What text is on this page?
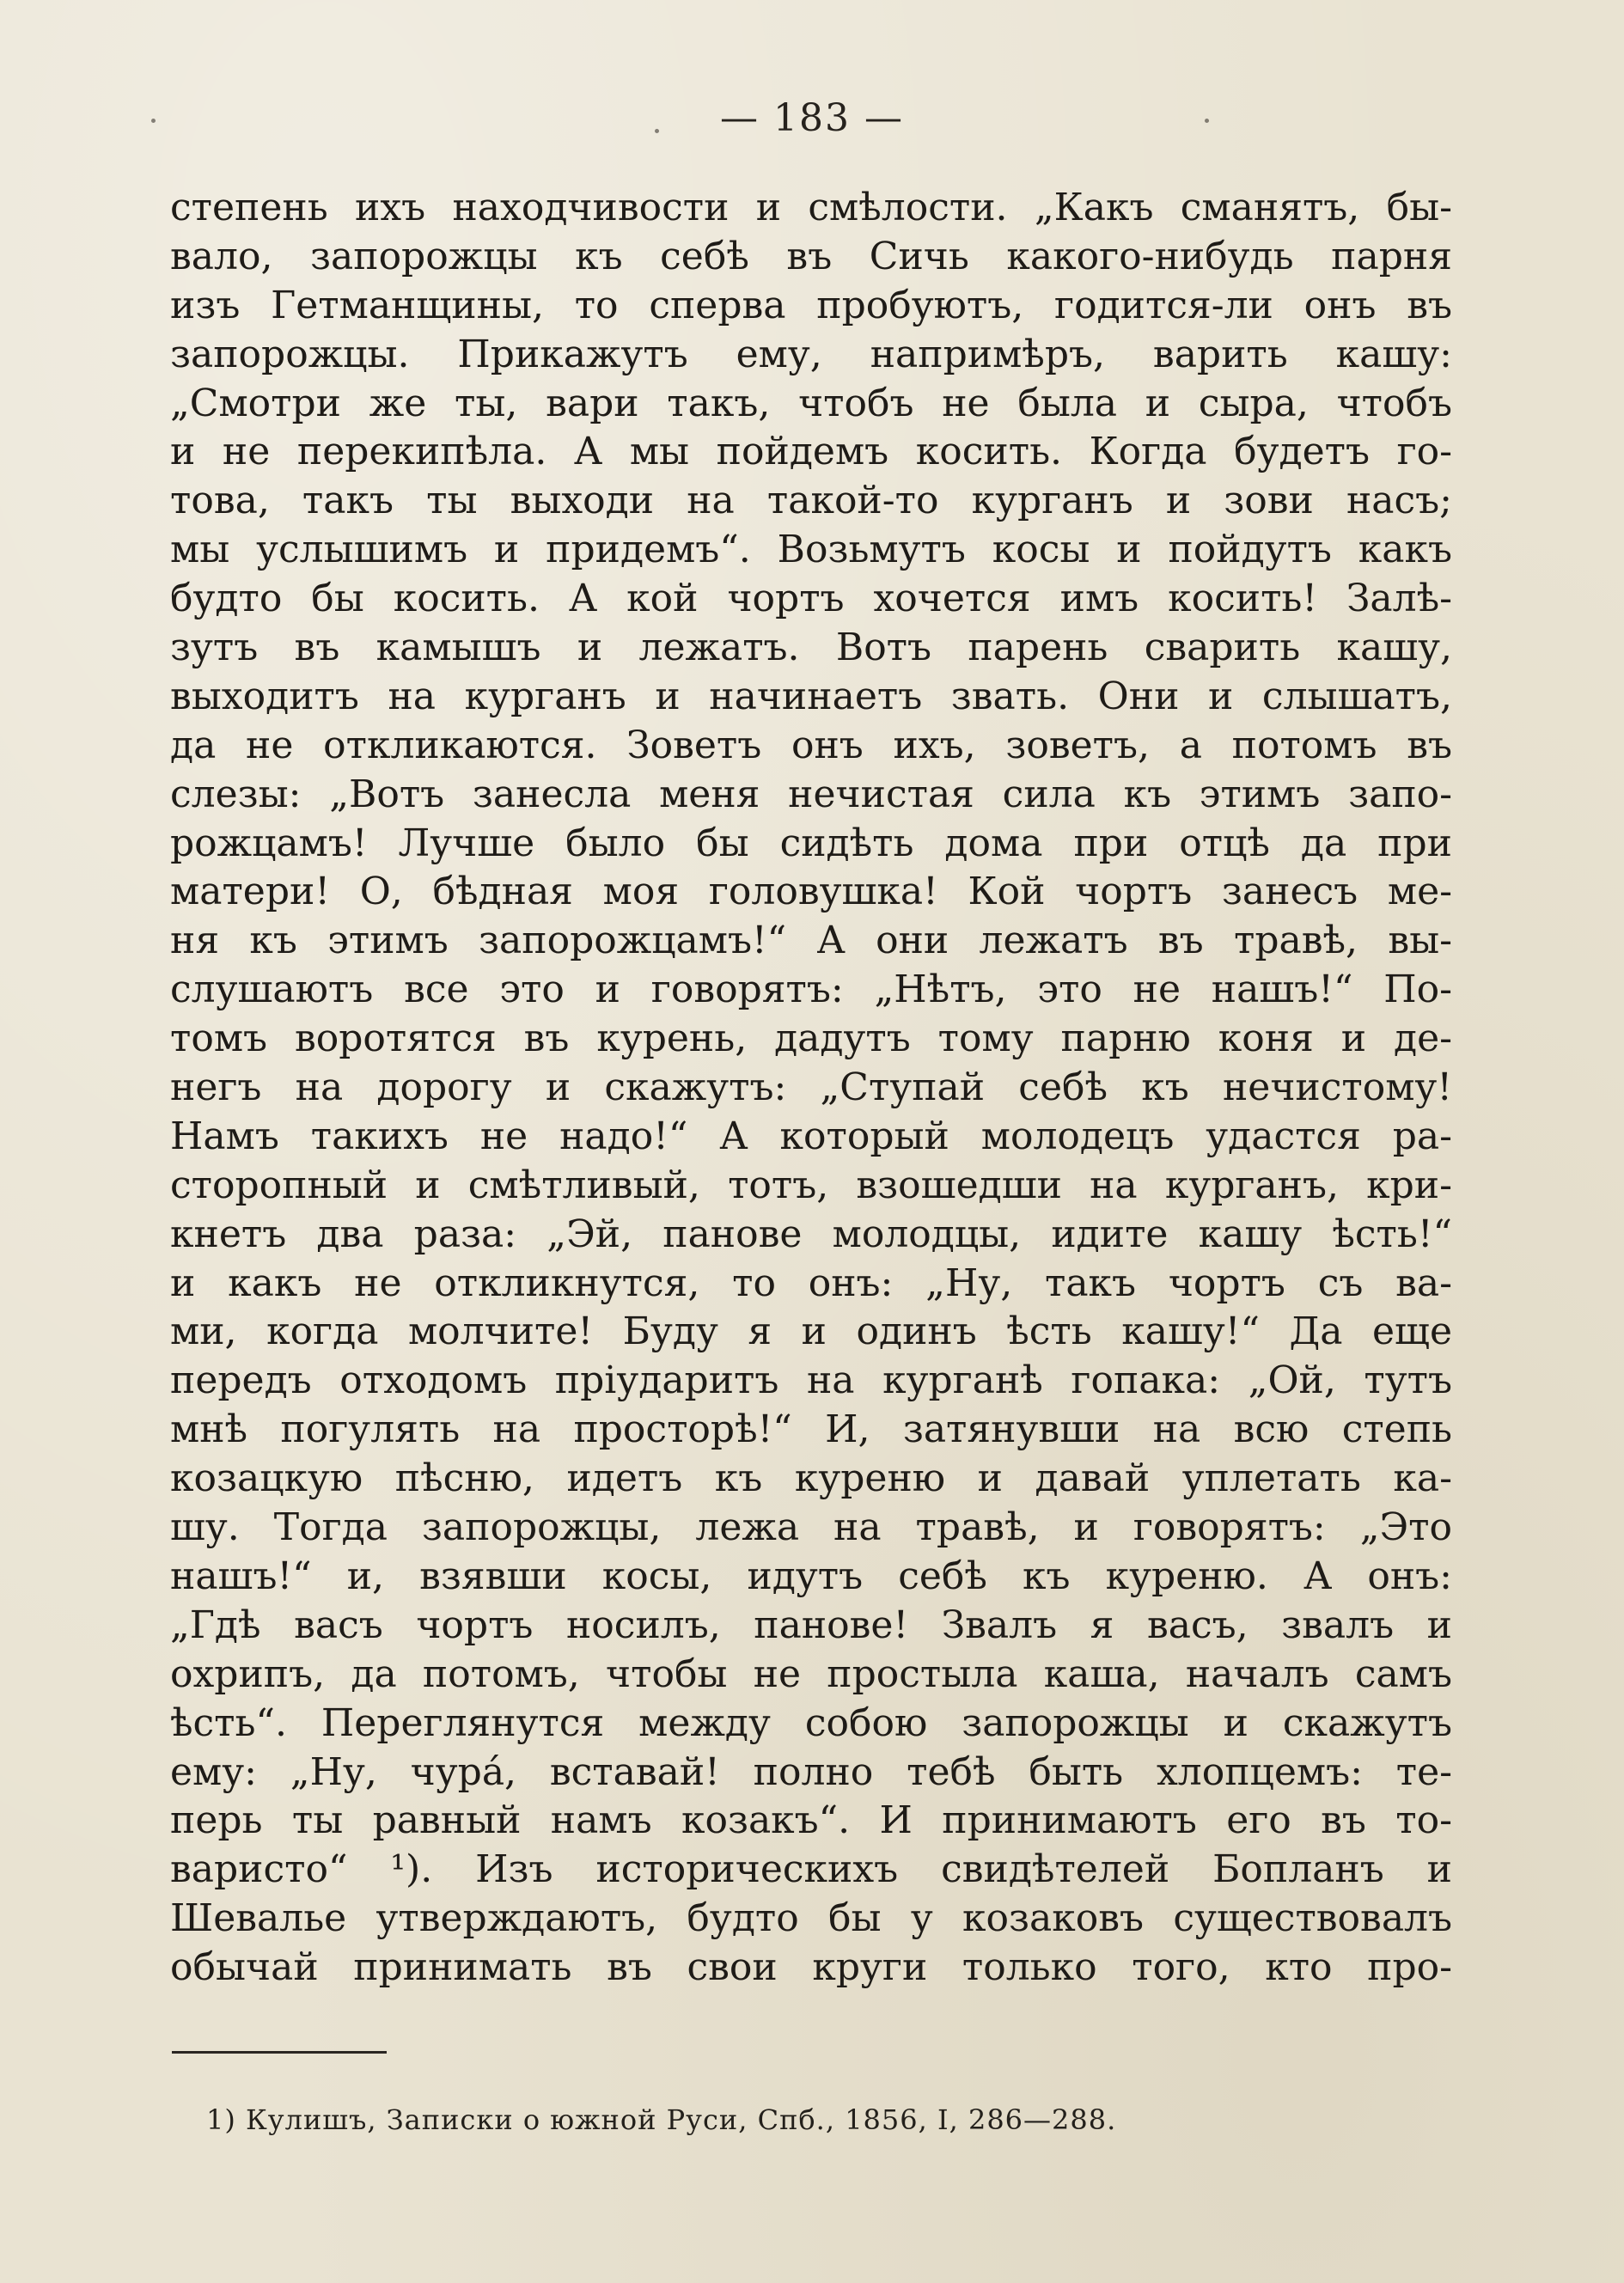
— 183 —
степень ихъ находчивости и смѣлости. „Какъ сманятъ, бы-
вало, запорожцы къ себѣ въ Сичь какого-нибудь парня
изъ Гетманщины, то сперва пробуютъ, годится-ли онъ въ
запорожцы. Прикажутъ ему, напримѣръ, варить кашу:
„Смотри же ты, вари такъ, чтобъ не была и сыра, чтобъ
и не перекипѣла. А мы пойдемъ косить. Когда будетъ го-
това, такъ ты выходи на такой-то курганъ и зови насъ;
мы услышимъ и придемъ“. Возьмутъ косы и пойдутъ какъ
будто бы косить. А кой чортъ хочется имъ косить! Залѣ-
зутъ въ камышъ и лежатъ. Вотъ парень сварить кашу,
выходитъ на курганъ и начинаетъ звать. Они и слышатъ,
да не откликаются. Зоветъ онъ ихъ, зоветъ, а потомъ въ
слезы: „Вотъ занесла меня нечистая сила къ этимъ запо-
рожцамъ! Лучше было бы сидѣть дома при отцѣ да при
матери! О, бѣдная моя головушка! Кой чортъ занесъ ме-
ня къ этимъ запорожцамъ!“ А они лежатъ въ травѣ, вы-
слушаютъ все это и говорятъ: „Нѣтъ, это не нашъ!“ По-
томъ воротятся въ курень, дадутъ тому парню коня и де-
негъ на дорогу и скажутъ: „Ступай себѣ къ нечистому!
Намъ такихъ не надо!“ А который молодецъ удастся ра-
сторопный и смѣтливый, тотъ, взошедши на курганъ, кри-
кнетъ два раза: „Эй, панове молодцы, идите кашу ѣсть!“
и какъ не откликнутся, то онъ: „Ну, такъ чортъ съ ва-
ми, когда молчите! Буду я и одинъ ѣсть кашу!“ Да еще
передъ отходомъ пріударитъ на курганѣ гопака: „Ой, тутъ
мнѣ погулять на просторѣ!“ И, затянувши на всю степь
козацкую пѣсню, идетъ къ куреню и давай уплетать ка-
шу. Тогда запорожцы, лежа на травѣ, и говорятъ: „Это
нашъ!“ и, взявши косы, идутъ себѣ къ куреню. А онъ:
„Гдѣ васъ чортъ носилъ, панове! Звалъ я васъ, звалъ и
охрипъ, да потомъ, чтобы не простыла каша, началъ самъ
ѣсть“. Переглянутся между собою запорожцы и скажутъ
ему: „Ну, чура́, вставай! полно тебѣ быть хлопцемъ: те-
перь ты равный намъ козакъ“. И принимаютъ его въ то-
варисто“ ¹). Изъ историческихъ свидѣтелей Бопланъ и
Шевалье утверждаютъ, будто бы у козаковъ существовалъ
обычай принимать въ свои круги только того, кто про-
1) Кулишъ, Записки о южной Руси, Спб., 1856, I, 286—288.
